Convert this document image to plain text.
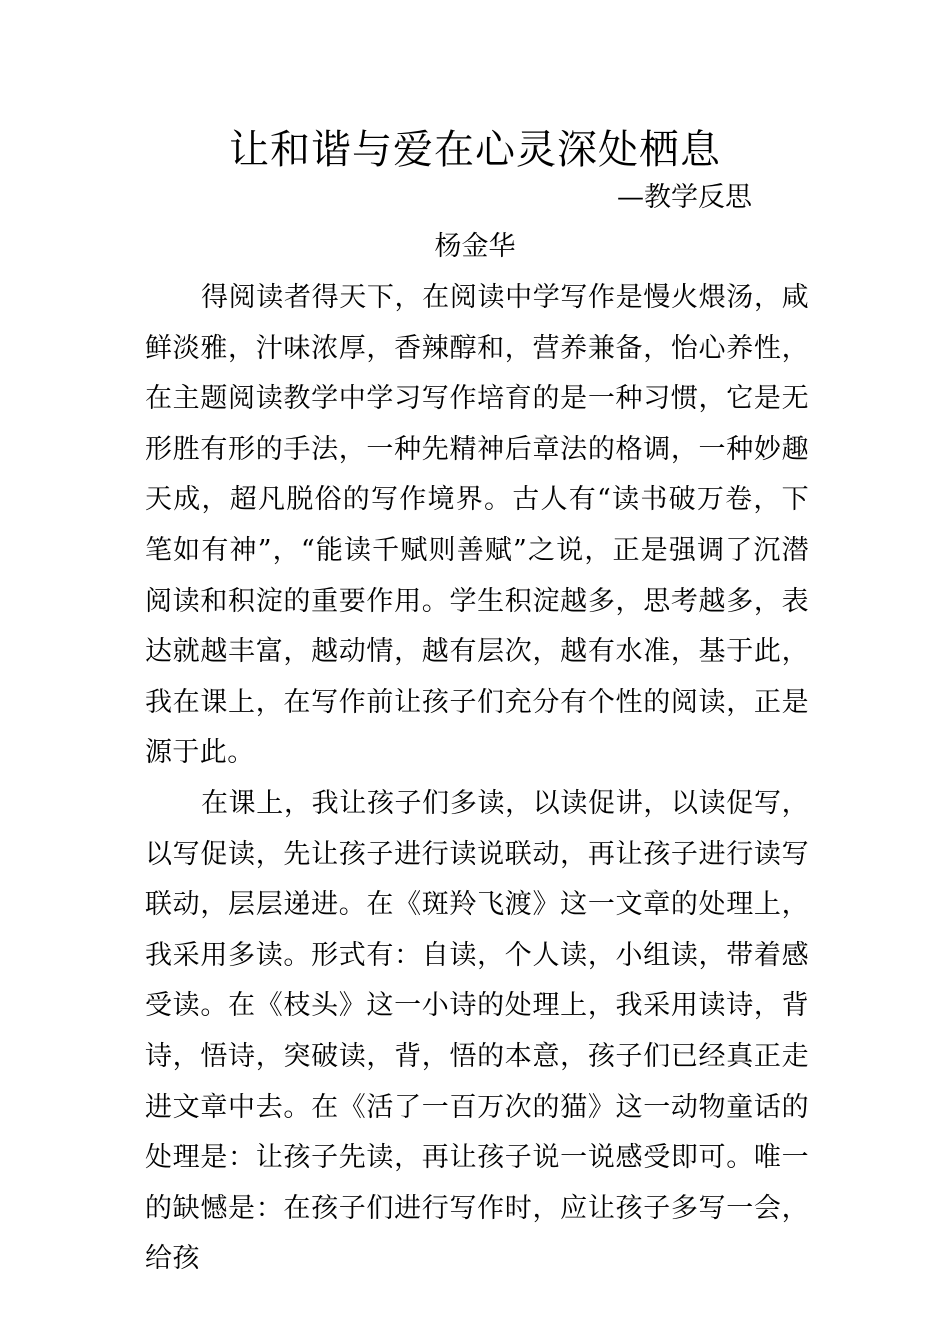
让和谐与爱在心灵深处栖息
—教学反思
杨金华

得阅读者得天下，在阅读中学写作是慢火煨汤，咸鲜淡雅，汁味浓厚，香辣醇和，营养兼备，怡心养性，在主题阅读教学中学习写作培育的是一种习惯，它是无形胜有形的手法，一种先精神后章法的格调，一种妙趣天成，超凡脱俗的写作境界。古人有“读书破万卷，下笔如有神”，“能读千赋则善赋”之说，正是强调了沉潜阅读和积淀的重要作用。学生积淀越多，思考越多，表达就越丰富，越动情，越有层次，越有水准，基于此，我在课上，在写作前让孩子们充分有个性的阅读，正是源于此。

在课上，我让孩子们多读，以读促讲，以读促写，以写促读，先让孩子进行读说联动，再让孩子进行读写联动，层层递进。在《斑羚飞渡》这一文章的处理上，我采用多读。形式有：自读，个人读，小组读，带着感受读。在《枝头》这一小诗的处理上，我采用读诗，背诗，悟诗，突破读，背，悟的本意，孩子们已经真正走进文章中去。在《活了一百万次的猫》这一动物童话的处理是：让孩子先读，再让孩子说一说感受即可。唯一的缺憾是：在孩子们进行写作时，应让孩子多写一会，给孩
